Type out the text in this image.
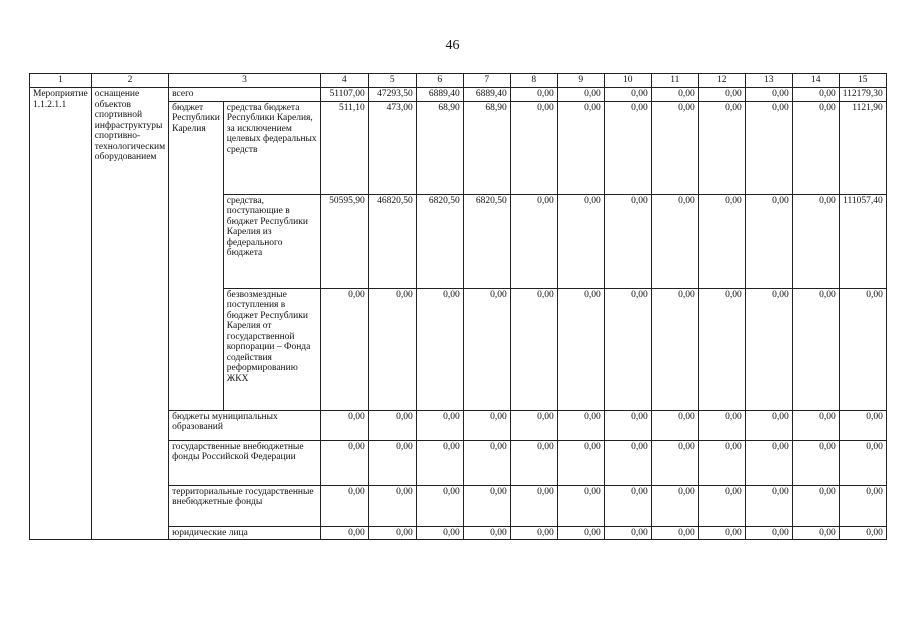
46
1	2	3		4	5	6	7	8	9	10	11	12	13	14	15
Мероприятие 1.1.2.1.1	оснащение объектов спортивной инфраструктуры спортивно-технологическим оборудованием	всего		51107,00	47293,50	6889,40	6889,40	0,00	0,00	0,00	0,00	0,00	0,00	0,00	112179,30
		бюджет Республики Карелия	средства бюджета Республики Карелия, за исключением целевых федеральных средств	511,10	473,00	68,90	68,90	0,00	0,00	0,00	0,00	0,00	0,00	0,00	1121,90
			средства, поступающие в бюджет Республики Карелия из федерального бюджета	50595,90	46820,50	6820,50	6820,50	0,00	0,00	0,00	0,00	0,00	0,00	0,00	111057,40
			безвозмездные поступления в бюджет Республики Карелия от государственной корпорации – Фонда содействия реформированию ЖКХ	0,00	0,00	0,00	0,00	0,00	0,00	0,00	0,00	0,00	0,00	0,00	0,00
		бюджеты муниципальных образований		0,00	0,00	0,00	0,00	0,00	0,00	0,00	0,00	0,00	0,00	0,00	0,00
		государственные внебюджетные фонды Российской Федерации		0,00	0,00	0,00	0,00	0,00	0,00	0,00	0,00	0,00	0,00	0,00	0,00
		территориальные государственные внебюджетные фонды		0,00	0,00	0,00	0,00	0,00	0,00	0,00	0,00	0,00	0,00	0,00	0,00
		юридические лица		0,00	0,00	0,00	0,00	0,00	0,00	0,00	0,00	0,00	0,00	0,00	0,00
